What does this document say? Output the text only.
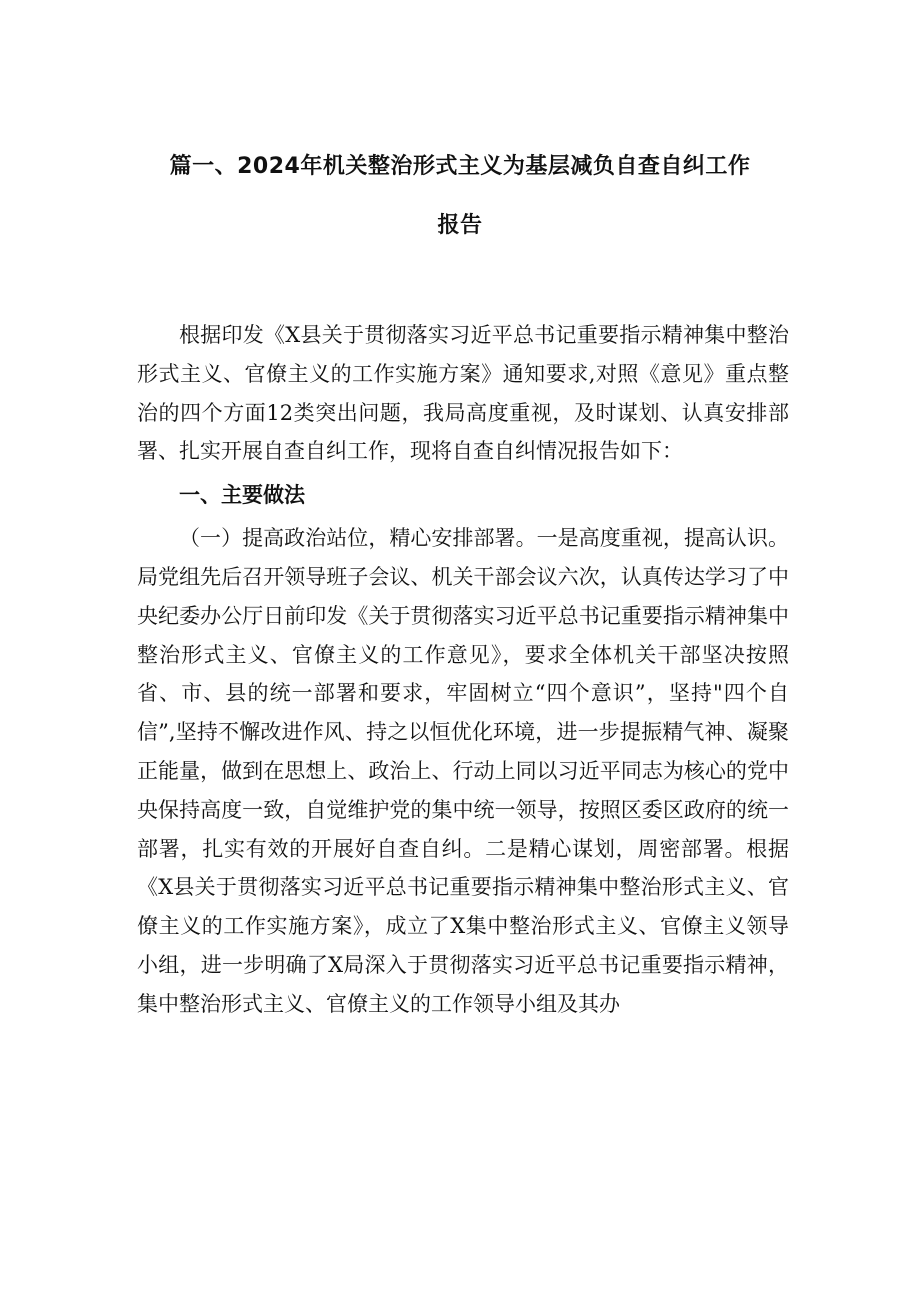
篇一、2024年机关整治形式主义为基层减负自查自纠工作
报告

根据印发《X县关于贯彻落实习近平总书记重要指示精神集中整治形式主义、官僚主义的工作实施方案》通知要求,对照《意见》重点整治的四个方面12类突出问题，我局高度重视，及时谋划、认真安排部署、扎实开展自查自纠工作，现将自查自纠情况报告如下：

一、主要做法

（一）提高政治站位，精心安排部署。一是高度重视，提高认识。局党组先后召开领导班子会议、机关干部会议六次，认真传达学习了中央纪委办公厅日前印发《关于贯彻落实习近平总书记重要指示精神集中整治形式主义、官僚主义的工作意见》，要求全体机关干部坚决按照省、市、县的统一部署和要求，牢固树立“四个意识”，坚持"四个自信”,坚持不懈改进作风、持之以恒优化环境，进一步提振精气神、凝聚正能量，做到在思想上、政治上、行动上同以习近平同志为核心的党中央保持高度一致，自觉维护党的集中统一领导，按照区委区政府的统一部署，扎实有效的开展好自查自纠。二是精心谋划，周密部署。根据《X县关于贯彻落实习近平总书记重要指示精神集中整治形式主义、官僚主义的工作实施方案》，成立了X集中整治形式主义、官僚主义领导小组，进一步明确了X局深入于贯彻落实习近平总书记重要指示精神，集中整治形式主义、官僚主义的工作领导小组及其办
